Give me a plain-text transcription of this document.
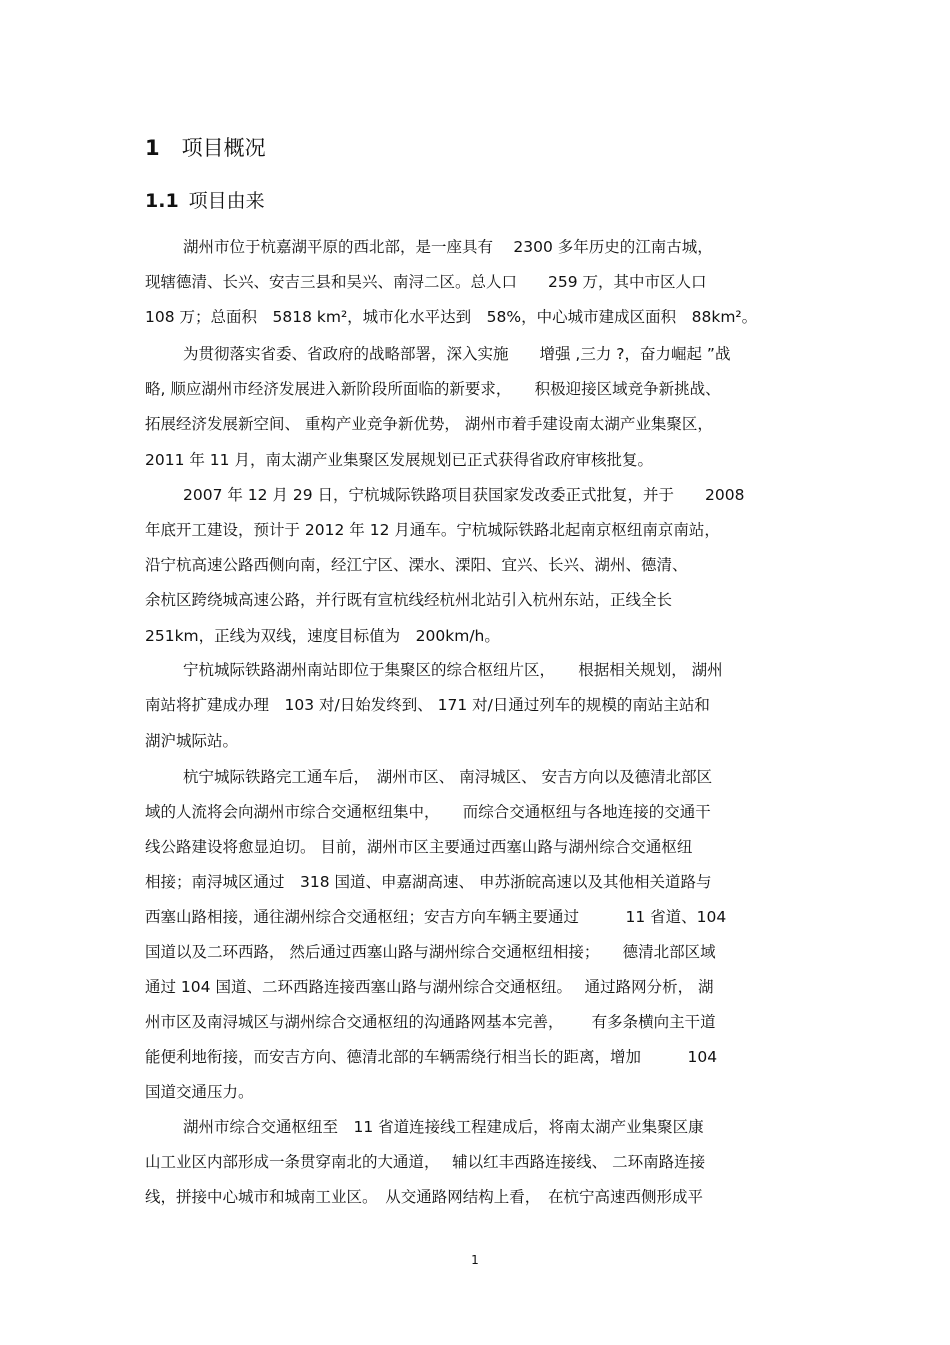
1 项目概况
1.1 项目由来
湖州市位于杭嘉湖平原的西北部，是一座具有　 2300 多年历史的江南古城，
现辖德清、长兴、安吉三县和吴兴、南浔二区。总人口　　259 万，其中市区人口
108 万；总面积　5818 km²，城市化水平达到　58%，中心城市建成区面积　88km²。
为贯彻落实省委、省政府的战略部署，深入实施　　增强 ,三力 ?，奋力崛起 ”战
略, 顺应湖州市经济发展进入新阶段所面临的新要求，　　积极迎接区域竞争新挑战、
拓展经济发展新空间、 重构产业竞争新优势， 湖州市着手建设南太湖产业集聚区，
2011 年 11 月，南太湖产业集聚区发展规划已正式获得省政府审核批复。
2007 年 12 月 29 日，宁杭城际铁路项目获国家发改委正式批复，并于　　2008
年底开工建设，预计于 2012 年 12 月通车。宁杭城际铁路北起南京枢纽南京南站，
沿宁杭高速公路西侧向南，经江宁区、溧水、溧阳、宜兴、长兴、湖州、德清、
余杭区跨绕城高速公路，并行既有宣杭线经杭州北站引入杭州东站，正线全长
251km，正线为双线，速度目标值为　200km/h。
宁杭城际铁路湖州南站即位于集聚区的综合枢纽片区，　　根据相关规划， 湖州
南站将扩建成办理　103 对/日始发终到、 171 对/日通过列车的规模的南站主站和
湖沪城际站。
杭宁城际铁路完工通车后，　湖州市区、 南浔城区、 安吉方向以及德清北部区
域的人流将会向湖州市综合交通枢纽集中，　　而综合交通枢纽与各地连接的交通干
线公路建设将愈显迫切。 目前，湖州市区主要通过西塞山路与湖州综合交通枢纽
相接；南浔城区通过　318 国道、申嘉湖高速、 申苏浙皖高速以及其他相关道路与
西塞山路相接，通往湖州综合交通枢纽；安吉方向车辆主要通过　　　11 省道、104
国道以及二环西路， 然后通过西塞山路与湖州综合交通枢纽相接；　　德清北部区域
通过 104 国道、二环西路连接西塞山路与湖州综合交通枢纽。　 通过路网分析， 湖
州市区及南浔城区与湖州综合交通枢纽的沟通路网基本完善，　　 有多条横向主干道
能便利地衔接，而安吉方向、德清北部的车辆需绕行相当长的距离，增加　　　104
国道交通压力。
湖州市综合交通枢纽至　11 省道连接线工程建成后，将南太湖产业集聚区康
山工业区内部形成一条贯穿南北的大通道，　 辅以红丰西路连接线、 二环南路连接
线，拼接中心城市和城南工业区。　从交通路网结构上看，　在杭宁高速西侧形成平
1
